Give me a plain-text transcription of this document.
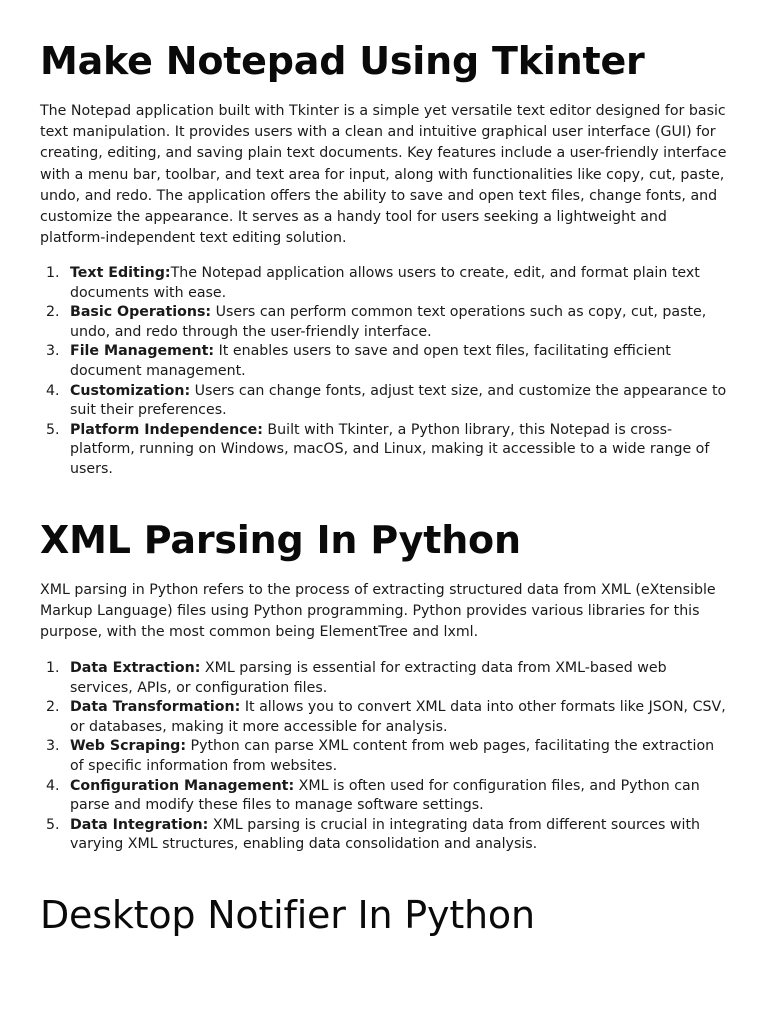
Make Notepad Using Tkinter

The Notepad application built with Tkinter is a simple yet versatile text editor designed for basic text manipulation. It provides users with a clean and intuitive graphical user interface (GUI) for creating, editing, and saving plain text documents. Key features include a user-friendly interface with a menu bar, toolbar, and text area for input, along with functionalities like copy, cut, paste, undo, and redo. The application offers the ability to save and open text files, change fonts, and customize the appearance. It serves as a handy tool for users seeking a lightweight and platform-independent text editing solution.

1. Text Editing:The Notepad application allows users to create, edit, and format plain text documents with ease.
2. Basic Operations: Users can perform common text operations such as copy, cut, paste, undo, and redo through the user-friendly interface.
3. File Management: It enables users to save and open text files, facilitating efficient document management.
4. Customization: Users can change fonts, adjust text size, and customize the appearance to suit their preferences.
5. Platform Independence: Built with Tkinter, a Python library, this Notepad is cross-platform, running on Windows, macOS, and Linux, making it accessible to a wide range of users.
XML Parsing In Python

XML parsing in Python refers to the process of extracting structured data from XML (eXtensible Markup Language) files using Python programming. Python provides various libraries for this purpose, with the most common being ElementTree and lxml.

1. Data Extraction: XML parsing is essential for extracting data from XML-based web services, APIs, or configuration files.
2. Data Transformation: It allows you to convert XML data into other formats like JSON, CSV, or databases, making it more accessible for analysis.
3. Web Scraping: Python can parse XML content from web pages, facilitating the extraction of specific information from websites.
4. Configuration Management: XML is often used for configuration files, and Python can parse and modify these files to manage software settings.
5. Data Integration: XML parsing is crucial in integrating data from different sources with varying XML structures, enabling data consolidation and analysis.
Desktop Notifier In Python
